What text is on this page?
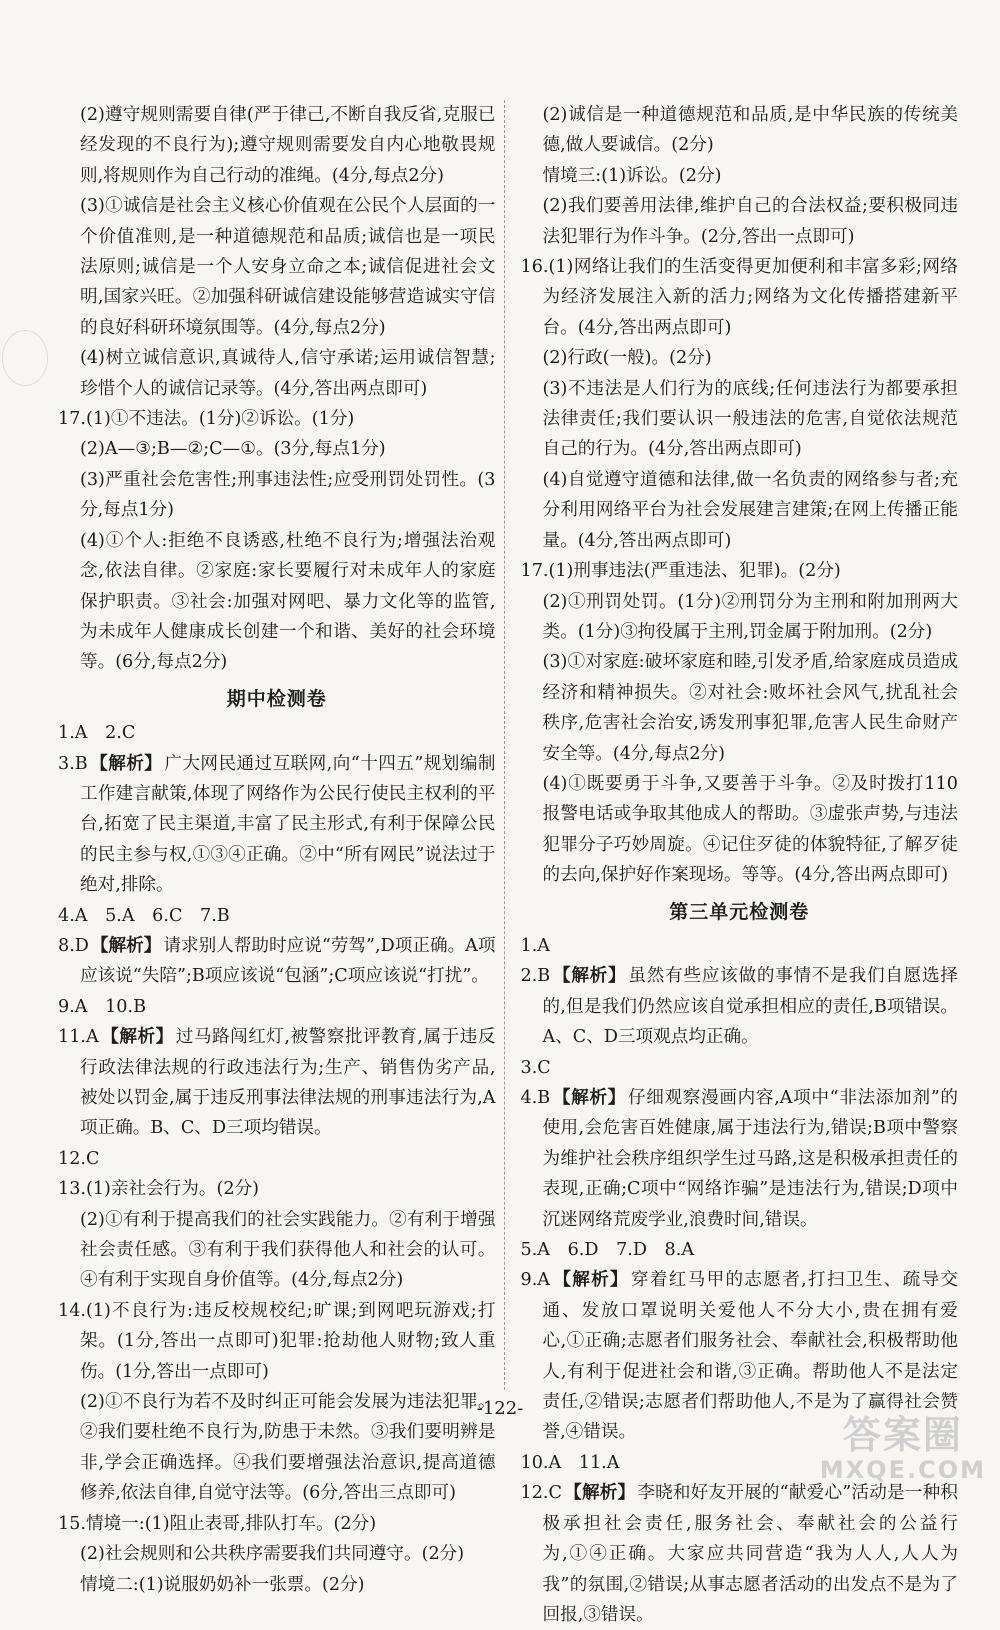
(2)遵守规则需要自律(严于律己,不断自我反省,克服已经发现的不良行为);遵守规则需要发自内心地敬畏规则,将规则作为自己行动的准绳。(4分,每点2分)

(3)①诚信是社会主义核心价值观在公民个人层面的一个价值准则,是一种道德规范和品质;诚信也是一项民法原则;诚信是一个人安身立命之本;诚信促进社会文明,国家兴旺。②加强科研诚信建设能够营造诚实守信的良好科研环境氛围等。(4分,每点2分)

(4)树立诚信意识,真诚待人,信守承诺;运用诚信智慧;珍惜个人的诚信记录等。(4分,答出两点即可)

17.(1)①不违法。(1分)②诉讼。(1分)

(2)A—③;B—②;C—①。(3分,每点1分)

(3)严重社会危害性;刑事违法性;应受刑罚处罚性。(3分,每点1分)

(4)①个人:拒绝不良诱惑,杜绝不良行为;增强法治观念,依法自律。②家庭:家长要履行对未成年人的家庭保护职责。③社会:加强对网吧、暴力文化等的监管,为未成年人健康成长创建一个和谐、美好的社会环境等。(6分,每点2分)

期中检测卷

1.A　2.C

3.B 【解析】 广大网民通过互联网,向“十四五”规划编制工作建言献策,体现了网络作为公民行使民主权利的平台,拓宽了民主渠道,丰富了民主形式,有利于保障公民的民主参与权,①③④正确。②中“所有网民”说法过于绝对,排除。

4.A　5.A　6.C　7.B

8.D 【解析】 请求别人帮助时应说“劳驾”,D项正确。A项应该说“失陪”;B项应该说“包涵”;C项应该说“打扰”。

9.A　10.B

11.A 【解析】 过马路闯红灯,被警察批评教育,属于违反行政法律法规的行政违法行为;生产、销售伪劣产品,被处以罚金,属于违反刑事法律法规的刑事违法行为,A项正确。B、C、D三项均错误。

12.C

13.(1)亲社会行为。(2分)

(2)①有利于提高我们的社会实践能力。②有利于增强社会责任感。③有利于我们获得他人和社会的认可。④有利于实现自身价值等。(4分,每点2分)

14.(1)不良行为:违反校规校纪;旷课;到网吧玩游戏;打架。(1分,答出一点即可)犯罪:抢劫他人财物;致人重伤。(1分,答出一点即可)

(2)①不良行为若不及时纠正可能会发展为违法犯罪。②我们要杜绝不良行为,防患于未然。③我们要明辨是非,学会正确选择。④我们要增强法治意识,提高道德修养,依法自律,自觉守法等。(6分,答出三点即可)

15.情境一:(1)阻止表哥,排队打车。(2分)

(2)社会规则和公共秩序需要我们共同遵守。(2分)

情境二:(1)说服奶奶补一张票。(2分)

(2)诚信是一种道德规范和品质,是中华民族的传统美德,做人要诚信。(2分)

情境三:(1)诉讼。(2分)

(2)我们要善用法律,维护自己的合法权益;要积极同违法犯罪行为作斗争。(2分,答出一点即可)

16.(1)网络让我们的生活变得更加便利和丰富多彩;网络为经济发展注入新的活力;网络为文化传播搭建新平台。(4分,答出两点即可)

(2)行政(一般)。(2分)

(3)不违法是人们行为的底线;任何违法行为都要承担法律责任;我们要认识一般违法的危害,自觉依法规范自己的行为。(4分,答出两点即可)

(4)自觉遵守道德和法律,做一名负责的网络参与者;充分利用网络平台为社会发展建言建策;在网上传播正能量。(4分,答出两点即可)

17.(1)刑事违法(严重违法、犯罪)。(2分)

(2)①刑罚处罚。(1分)②刑罚分为主刑和附加刑两大类。(1分)③拘役属于主刑,罚金属于附加刑。(2分)

(3)①对家庭:破坏家庭和睦,引发矛盾,给家庭成员造成经济和精神损失。②对社会:败坏社会风气,扰乱社会秩序,危害社会治安,诱发刑事犯罪,危害人民生命财产安全等。(4分,每点2分)

(4)①既要勇于斗争,又要善于斗争。②及时拨打110报警电话或争取其他成人的帮助。③虚张声势,与违法犯罪分子巧妙周旋。④记住歹徒的体貌特征,了解歹徒的去向,保护好作案现场。等等。(4分,答出两点即可)

第三单元检测卷

1.A

2.B 【解析】 虽然有些应该做的事情不是我们自愿选择的,但是我们仍然应该自觉承担相应的责任,B项错误。A、C、D三项观点均正确。

3.C

4.B 【解析】 仔细观察漫画内容,A项中“非法添加剂”的使用,会危害百姓健康,属于违法行为,错误;B项中警察为维护社会秩序组织学生过马路,这是积极承担责任的表现,正确;C项中“网络诈骗”是违法行为,错误;D项中沉迷网络荒废学业,浪费时间,错误。

5.A　6.D　7.D　8.A

9.A 【解析】 穿着红马甲的志愿者,打扫卫生、疏导交通、发放口罩说明关爱他人不分大小,贵在拥有爱心,①正确;志愿者们服务社会、奉献社会,积极帮助他人,有利于促进社会和谐,③正确。帮助他人不是法定责任,②错误;志愿者们帮助他人,不是为了赢得社会赞誉,④错误。

10.A　11.A

12.C 【解析】 李晓和好友开展的“献爱心”活动是一种积极承担社会责任,服务社会、奉献社会的公益行为,①④正确。大家应共同营造“我为人人,人人为我”的氛围,②错误;从事志愿者活动的出发点不是为了回报,③错误。

-122-
答案圈
MXQE.COM
